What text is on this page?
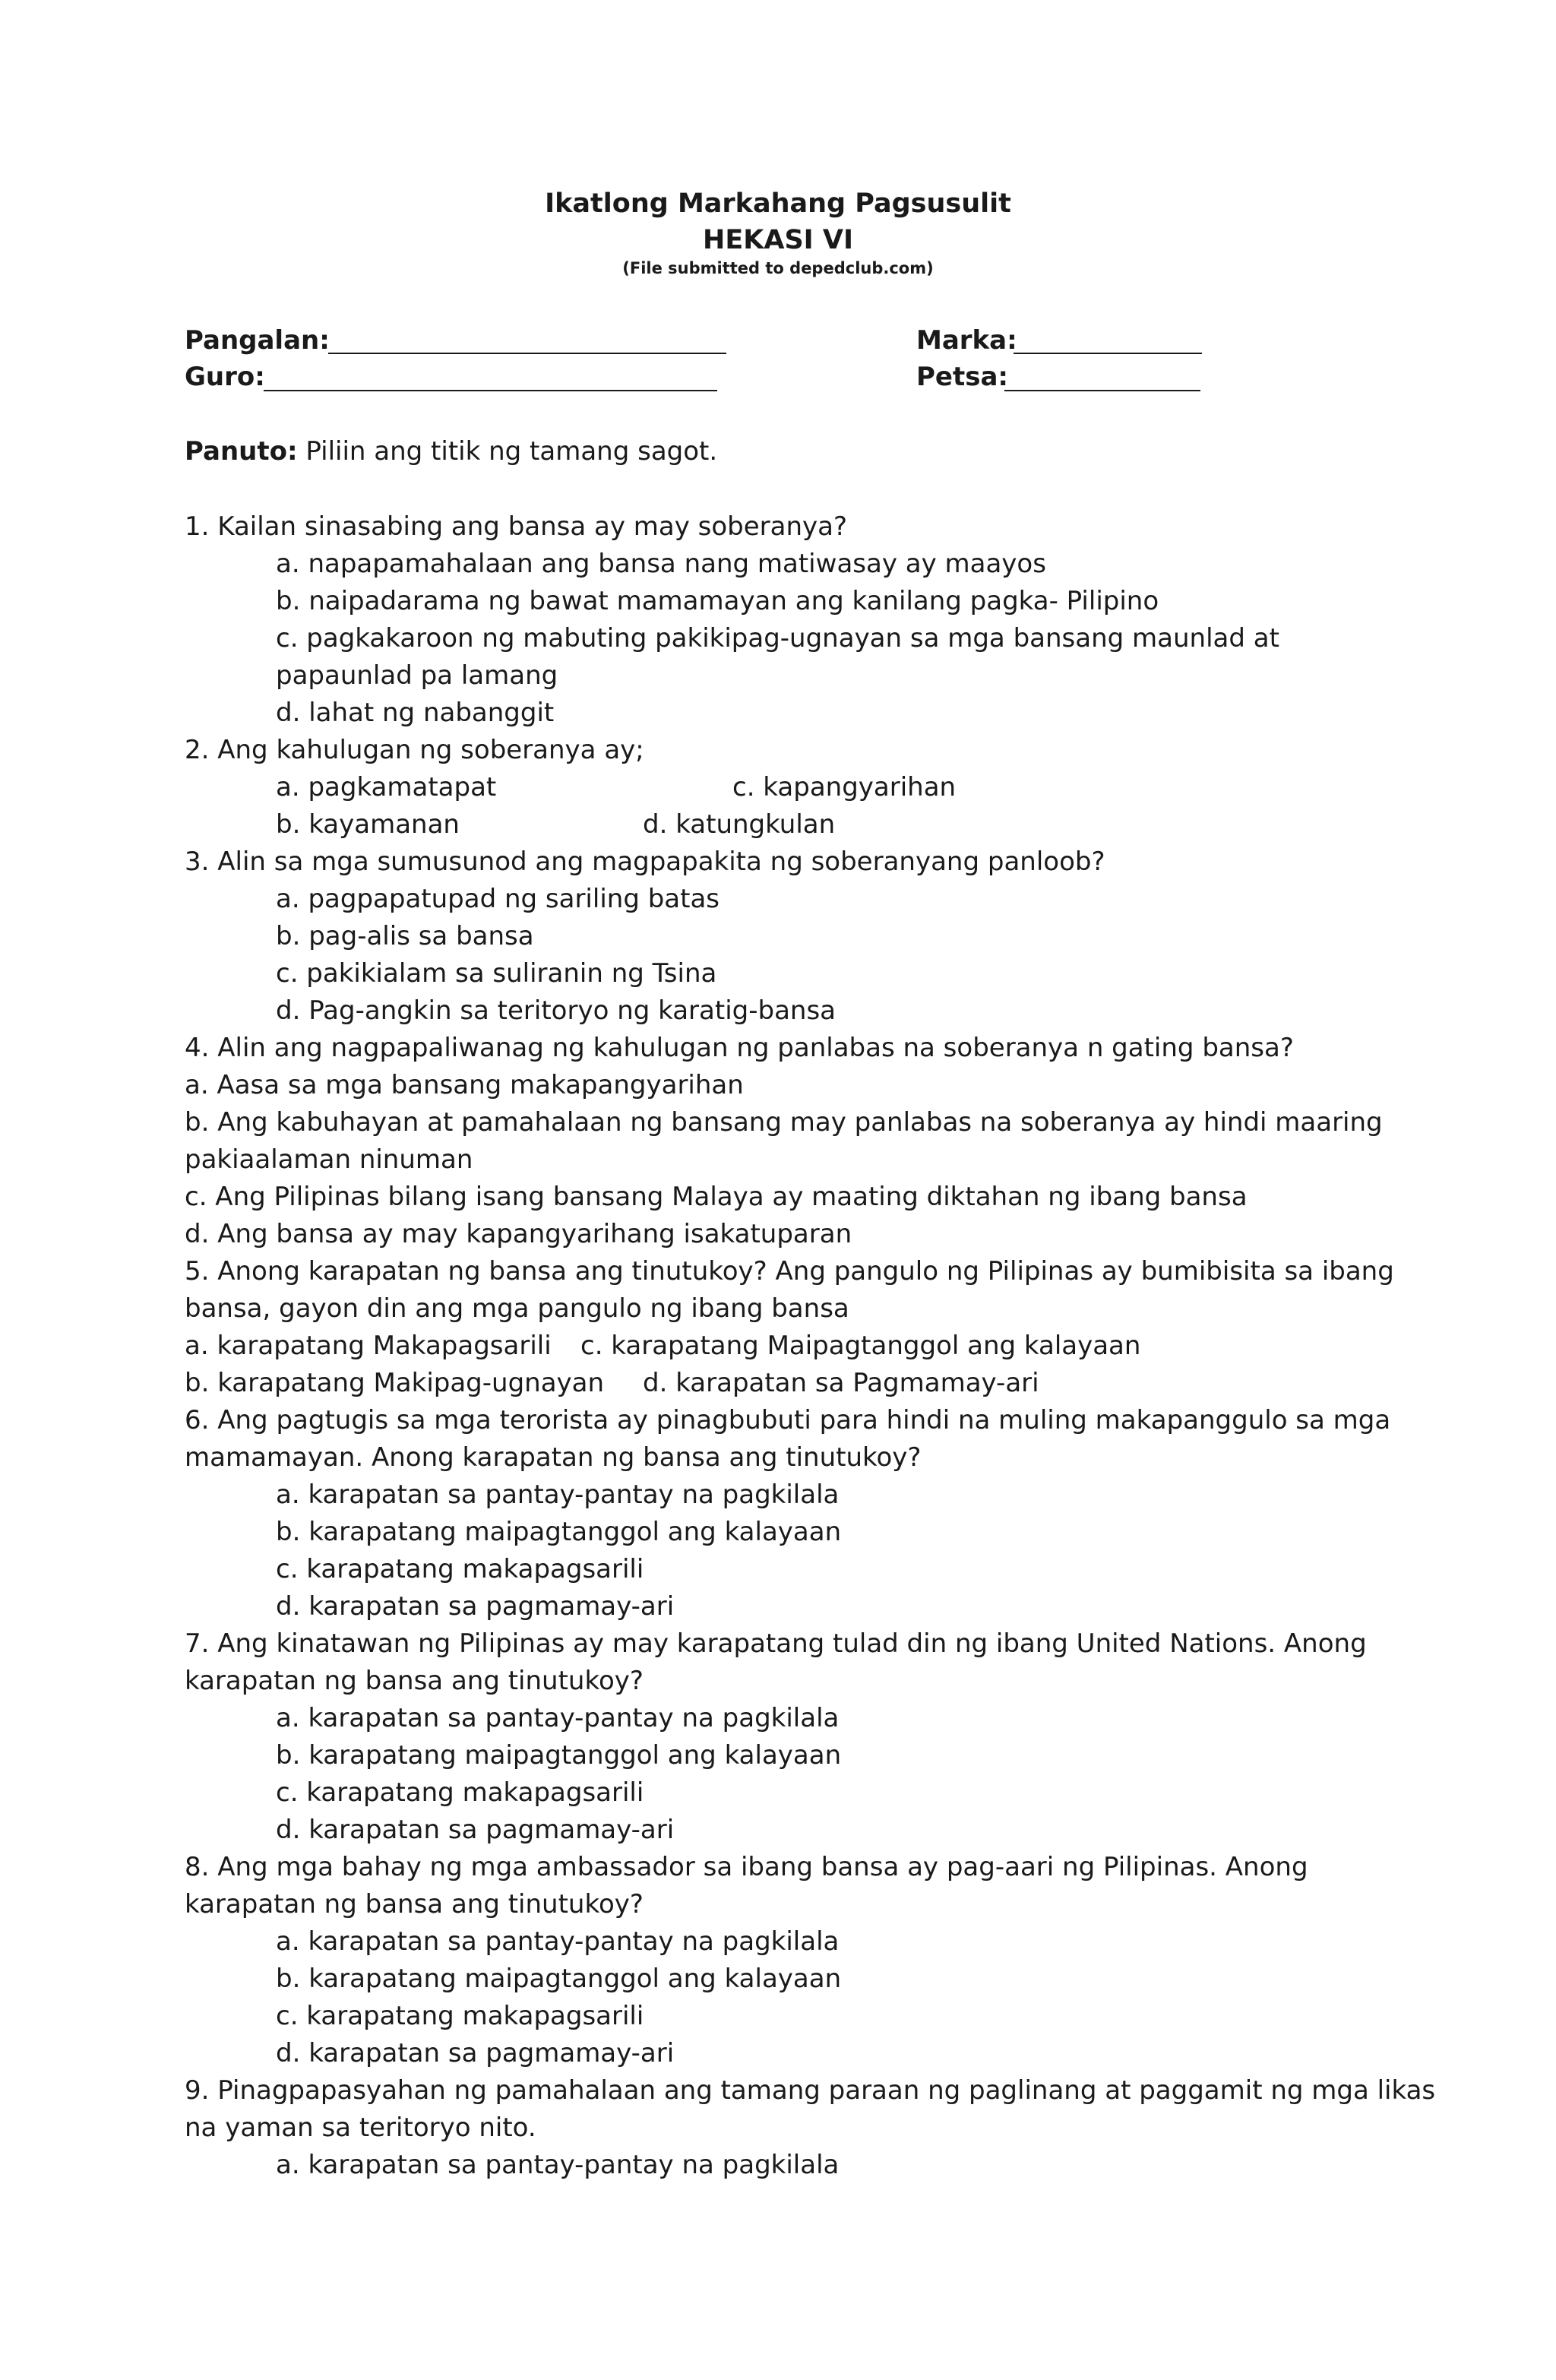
Ikatlong Markahang Pagsusulit
HEKASI VI
(File submitted to depedclub.com)
Pangalan:	Marka:
Guro:	Petsa:
Panuto: Piliin ang titik ng tamang sagot.
1. Kailan sinasabing ang bansa ay may soberanya?
a. napapamahalaan ang bansa nang matiwasay ay maayos
b. naipadarama ng bawat mamamayan ang kanilang pagka- Pilipino
c. pagkakaroon ng mabuting pakikipag-ugnayan sa mga bansang maunlad at
papaunlad pa lamang
d. lahat ng nabanggit
2. Ang kahulugan ng soberanya ay;
a. pagkamatapat	c. kapangyarihan
b. kayamanan	d. katungkulan
3. Alin sa mga sumusunod ang magpapakita ng soberanyang panloob?
a. pagpapatupad ng sariling batas
b. pag-alis sa bansa
c. pakikialam sa suliranin ng Tsina
d. Pag-angkin sa teritoryo ng karatig-bansa
4. Alin ang nagpapaliwanag ng kahulugan ng panlabas na soberanya n gating bansa?
a. Aasa sa mga bansang makapangyarihan
b. Ang kabuhayan at pamahalaan ng bansang may panlabas na soberanya ay hindi maaring
pakiaalaman ninuman
c. Ang Pilipinas bilang isang bansang Malaya ay maating diktahan ng ibang bansa
d. Ang bansa ay may kapangyarihang isakatuparan
5. Anong karapatan ng bansa ang tinutukoy? Ang pangulo ng Pilipinas ay bumibisita sa ibang
bansa, gayon din ang mga pangulo ng ibang bansa
a. karapatang Makapagsarili c. karapatang Maipagtanggol ang kalayaan
b. karapatang Makipag-ugnayan d. karapatan sa Pagmamay-ari
6. Ang pagtugis sa mga terorista ay pinagbubuti para hindi na muling makapanggulo sa mga
mamamayan. Anong karapatan ng bansa ang tinutukoy?
a. karapatan sa pantay-pantay na pagkilala
b. karapatang maipagtanggol ang kalayaan
c. karapatang makapagsarili
d. karapatan sa pagmamay-ari
7. Ang kinatawan ng Pilipinas ay may karapatang tulad din ng ibang United Nations. Anong
karapatan ng bansa ang tinutukoy?
a. karapatan sa pantay-pantay na pagkilala
b. karapatang maipagtanggol ang kalayaan
c. karapatang makapagsarili
d. karapatan sa pagmamay-ari
8. Ang mga bahay ng mga ambassador sa ibang bansa ay pag-aari ng Pilipinas. Anong
karapatan ng bansa ang tinutukoy?
a. karapatan sa pantay-pantay na pagkilala
b. karapatang maipagtanggol ang kalayaan
c. karapatang makapagsarili
d. karapatan sa pagmamay-ari
9. Pinagpapasyahan ng pamahalaan ang tamang paraan ng paglinang at paggamit ng mga likas
na yaman sa teritoryo nito.
a. karapatan sa pantay-pantay na pagkilala
